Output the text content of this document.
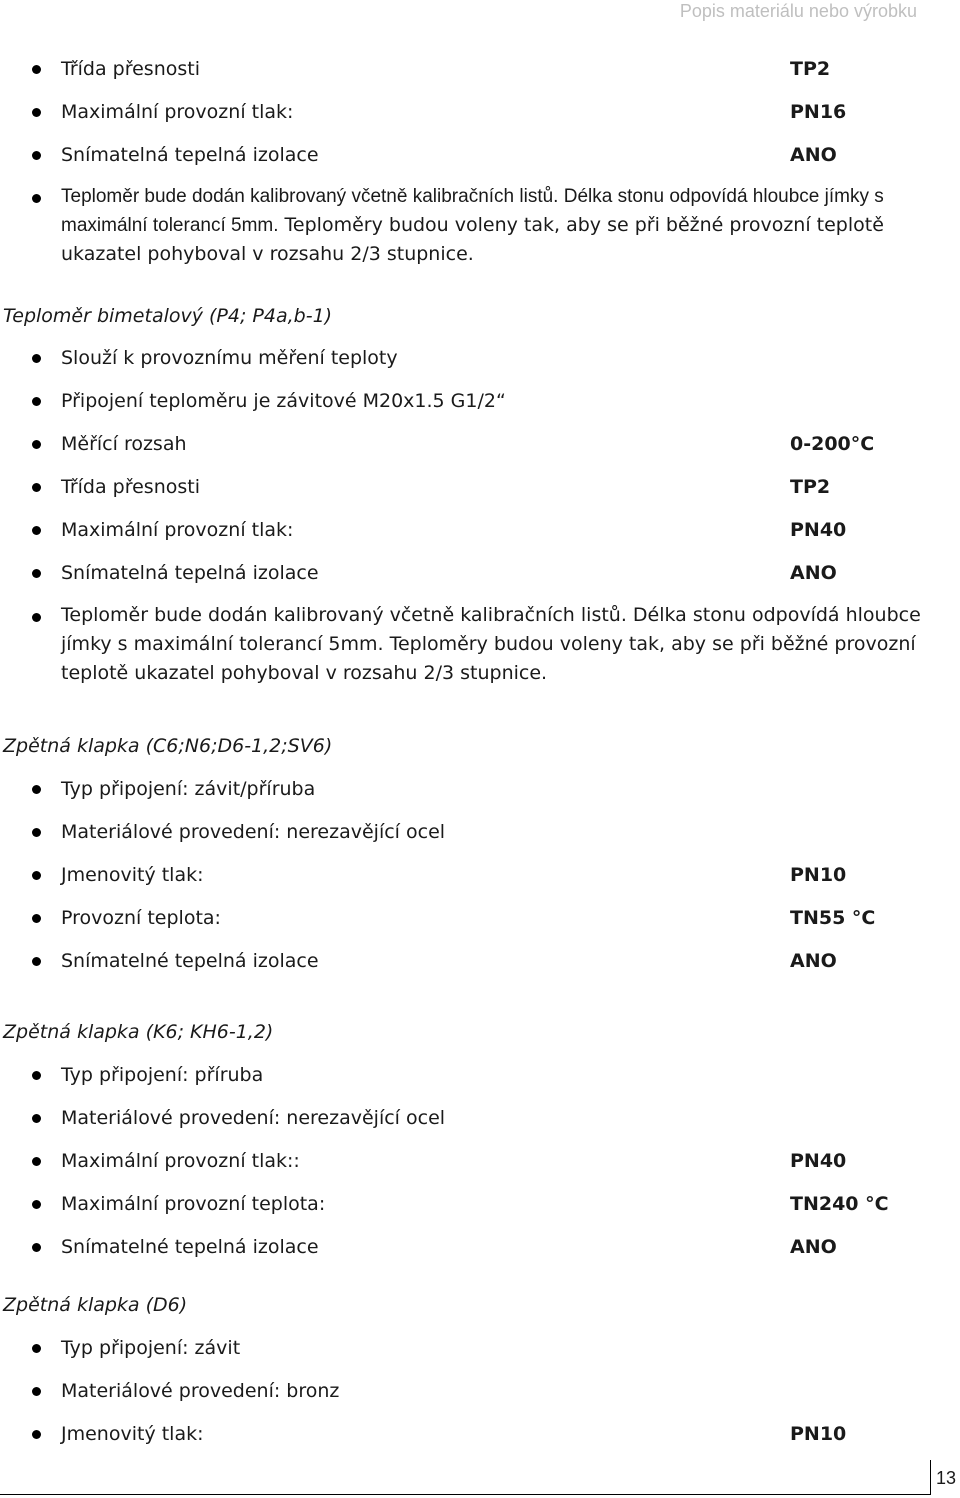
Popis materiálu nebo výrobku
Třída přesnosti	TP2
Maximální provozní tlak:	PN16
Snímatelná tepelná izolace	ANO
Teploměr bude dodán kalibrovaný včetně kalibračních listů. Délka stonu odpovídá hloubce jímky s maximální tolerancí 5mm. Teploměry budou voleny tak, aby se při běžné provozní teplotě ukazatel pohyboval v rozsahu 2/3 stupnice.
Teploměr bimetalový (P4; P4a,b-1)
Slouží k provoznímu měření teploty
Připojení teploměru je závitové M20x1.5 G1/2“
Měřící rozsah	0-200°C
Třída přesnosti	TP2
Maximální provozní tlak:	PN40
Snímatelná tepelná izolace	ANO
Teploměr bude dodán kalibrovaný včetně kalibračních listů. Délka stonu odpovídá hloubce jímky s maximální tolerancí 5mm. Teploměry budou voleny tak, aby se při běžné provozní teplotě ukazatel pohyboval v rozsahu 2/3 stupnice.
Zpětná klapka (C6;N6;D6-1,2;SV6)
Typ připojení: závit/příruba
Materiálové provedení: nerezavějící ocel
Jmenovitý tlak:	PN10
Provozní teplota:	TN55 °C
Snímatelné tepelná izolace	ANO
Zpětná klapka (K6; KH6-1,2)
Typ připojení: příruba
Materiálové provedení: nerezavějící ocel
Maximální provozní tlak::	PN40
Maximální provozní teplota:	TN240 °C
Snímatelné tepelná izolace	ANO
Zpětná klapka (D6)
Typ připojení: závit
Materiálové provedení: bronz
Jmenovitý tlak:	PN10
13
